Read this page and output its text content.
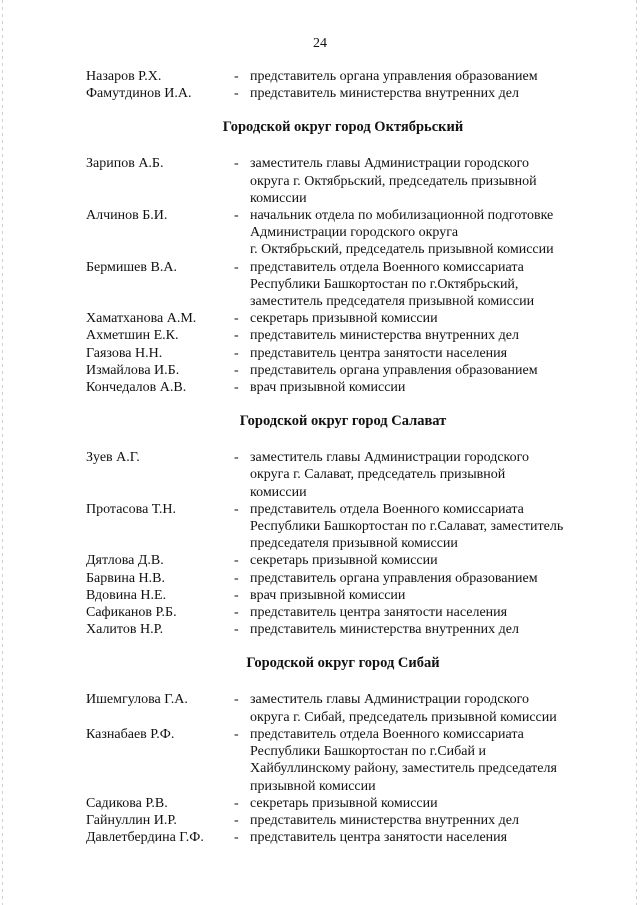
24
Назаров Р.Х.	- представитель органа управления образованием
Фамутдинов И.А.	- представитель министерства внутренних дел
Городской округ город Октябрьский
Зарипов А.Б.	- заместитель главы Администрации городского
округа г. Октябрьский, председатель призывной
комиссии
Алчинов Б.И.	- начальник отдела по мобилизационной подготовке
Администрации городского округа
г. Октябрьский, председатель призывной комиссии
Бермишев В.А.	- представитель отдела Военного комиссариата
Республики Башкортостан по г.Октябрьский,
заместитель председателя призывной комиссии
Хаматханова А.М.	- секретарь призывной комиссии
Ахметшин Е.К.	- представитель министерства внутренних дел
Гаязова Н.Н.	- представитель центра занятости населения
Измайлова И.Б.	- представитель органа управления образованием
Кончедалов А.В.	- врач призывной комиссии
Городской округ город Салават
Зуев А.Г.	- заместитель главы Администрации городского
округа г. Салават, председатель призывной
комиссии
Протасова Т.Н.	- представитель отдела Военного комиссариата
Республики Башкортостан по г.Салават, заместитель
председателя призывной комиссии
Дятлова Д.В.	- секретарь призывной комиссии
Барвина Н.В.	- представитель органа управления образованием
Вдовина Н.Е.	- врач призывной комиссии
Сафиканов Р.Б.	- представитель центра занятости населения
Халитов Н.Р.	- представитель министерства внутренних дел
Городской округ город Сибай
Ишемгулова Г.А.	- заместитель главы Администрации городского
округа г. Сибай, председатель призывной комиссии
Казнабаев Р.Ф.	- представитель отдела Военного комиссариата
Республики Башкортостан по г.Сибай и
Хайбуллинскому району, заместитель председателя
призывной комиссии
Садикова Р.В.	- секретарь призывной комиссии
Гайнуллин И.Р.	- представитель министерства внутренних дел
Давлетбердина Г.Ф.	- представитель центра занятости населения
